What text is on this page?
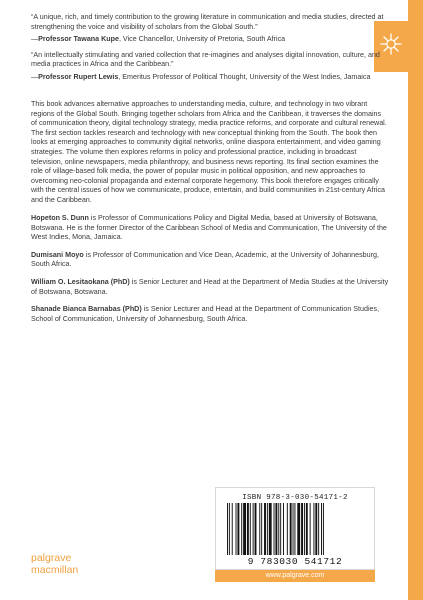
“A unique, rich, and timely contribution to the growing literature in communication and media studies, directed at strengthening the voice and visibility of scholars from the Global South.”

—Professor Tawana Kupe, Vice Chancellor, University of Pretoria, South Africa

“An intellectually stimulating and varied collection that re-imagines and analyses digital innovation, culture, and media practices in Africa and the Caribbean.”

—Professor Rupert Lewis, Emeritus Professor of Political Thought, University of the West Indies, Jamaica

This book advances alternative approaches to understanding media, culture, and technology in two vibrant regions of the Global South. Bringing together scholars from Africa and the Caribbean, it traverses the domains of communication theory, digital technology strategy, media practice reforms, and corporate and cultural renewal. The first section tackles research and technology with new conceptual thinking from the South. The book then looks at emerging approaches to community digital networks, online diaspora entertainment, and video gaming strategies. The volume then explores reforms in policy and professional practice, including in broadcast television, online newspapers, media philanthropy, and business news reporting. Its final section examines the role of village-based folk media, the power of popular music in political opposition, and new approaches to overcoming neo-colonial propaganda and external corporate hegemony. This book therefore engages critically with the central issues of how we communicate, produce, entertain, and build communities in 21st-century Africa and the Caribbean.

Hopeton S. Dunn is Professor of Communications Policy and Digital Media, based at University of Botswana, Botswana. He is the former Director of the Caribbean School of Media and Communication, The University of the West Indies, Mona, Jamaica.

Dumisani Moyo is Professor of Communication and Vice Dean, Academic, at the University of Johannesburg, South Africa.

William O. Lesitaokana (PhD) is Senior Lecturer and Head at the Department of Media Studies at the University of Botswana, Botswana.

Shanade Bianca Barnabas (PhD) is Senior Lecturer and Head at the Department of Communication Studies, School of Communication, University of Johannesburg, South Africa.

ISBN 978-3-030-54171-2
9 783030 541712
www.palgrave.com
palgrave
macmillan
